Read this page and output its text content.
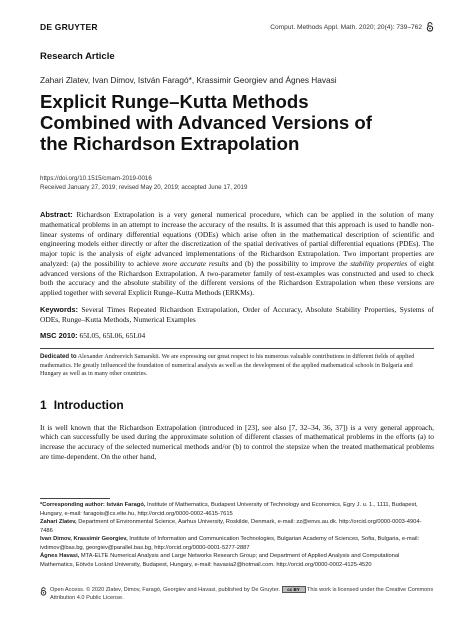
DE GRUYTER	Comput. Methods Appl. Math. 2020; 20(4): 739–762
Research Article
Zahari Zlatev, Ivan Dimov, István Faragó*, Krassimir Georgiev and Ágnes Havasi
Explicit Runge–Kutta Methods
Combined with Advanced Versions of
the Richardson Extrapolation
https://doi.org/10.1515/cmam-2019-0016
Received January 27, 2019; revised May 20, 2019; accepted June 17, 2019
Abstract: Richardson Extrapolation is a very general numerical procedure, which can be applied in the solution of many mathematical problems in an attempt to increase the accuracy of the results. It is assumed that this approach is used to handle non-linear systems of ordinary differential equations (ODEs) which arise often in the mathematical description of scientific and engineering models either directly or after the discretization of the spatial derivatives of partial differential equations (PDEs). The major topic is the analysis of eight advanced implementations of the Richardson Extrapolation. Two important properties are analyzed: (a) the possibility to achieve more accurate results and (b) the possibility to improve the stability properties of eight advanced versions of the Richardson Extrapolation. A two-parameter family of test-examples was constructed and used to check both the accuracy and the absolute stability of the different versions of the Richardson Extrapolation when these versions are applied together with several Explicit Runge–Kutta Methods (ERKMs).
Keywords: Several Times Repeated Richardson Extrapolation, Order of Accuracy, Absolute Stability Properties, Systems of ODEs, Runge–Kutta Methods, Numerical Examples
MSC 2010: 65L05, 65L06, 65L04
Dedicated to Alexander Andreevich Samarskii. We are expressing our great respect to his numerous valuable contributions in different fields of applied mathematics. He greatly influenced the foundation of numerical analysis as well as the development of the applied mathematical schools in Bulgaria and Hungary as well as in many other countries.
1 Introduction
It is well known that the Richardson Extrapolation (introduced in [23], see also [7, 32–34, 36, 37]) is a very general approach, which can successfully be used during the approximate solution of different classes of mathematical problems in the efforts (a) to increase the accuracy of the selected numerical methods and/or (b) to control the stepsize when the treated mathematical problems are time-dependent. On the other hand,
*Corresponding author: István Faragó, Institute of Mathematics, Budapest University of Technology and Economics, Egry J. u. 1., 1111, Budapest, Hungary, e-mail: faragois@cs.elte.hu, http://orcid.org/0000-0002-4615-7615
Zahari Zlatev, Department of Environmental Science, Aarhus University, Roskilde, Denmark, e-mail: zz@envs.au.dk. http://orcid.org/0000-0003-4904-7486
Ivan Dimov, Krassimir Georgiev, Institute of Information and Communication Technologies, Bulgarian Academy of Sciences, Sofia, Bulgaria, e-mail: ivdimov@bas.bg, georgiev@parallel.bas.bg, http://orcid.org/0000-0001-5277-2887
Ágnes Havasi, MTA-ELTE Numerical Analysis and Large Networks Research Group; and Department of Applied Analysis and Computational Mathematics, Eötvös Loránd University, Budapest, Hungary, e-mail: havasia2@hotmail.com. http://orcid.org/0000-0002-4125-4520
Open Access. © 2020 Zlatev, Dimov, Faragó, Georgiev and Havasi, published by De Gruyter. cc BY This work is licensed under the Creative Commons Attribution 4.0 Public License.
